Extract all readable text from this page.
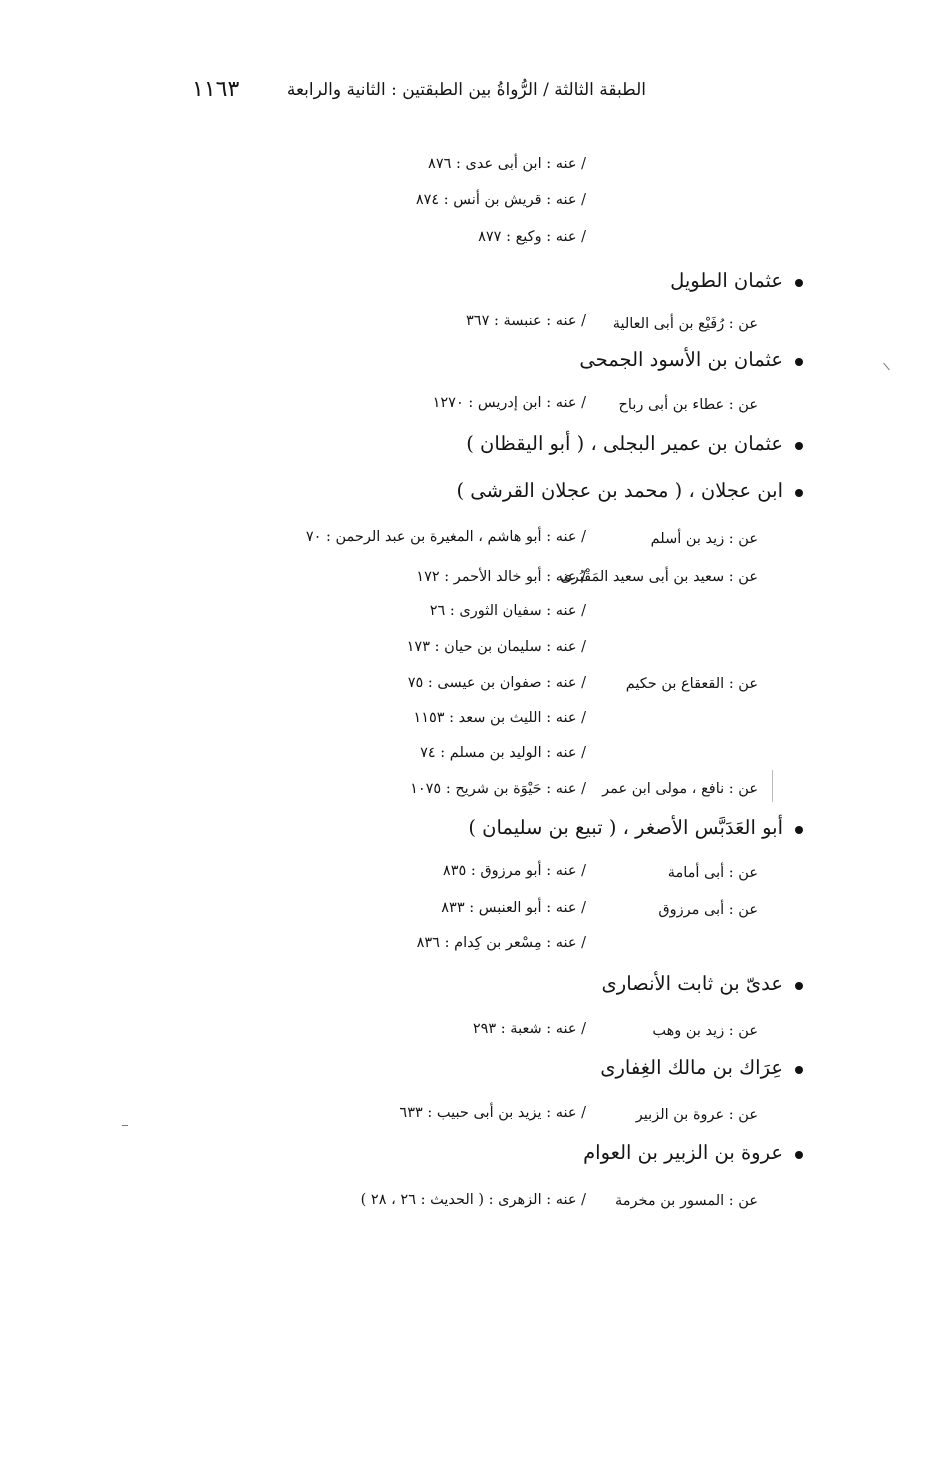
الطبقة الثالثة / الرُّواةُ بين الطبقتين : الثانية والرابعة
١١٦٣
/ عنه : ابن أبى عدى : ٨٧٦
/ عنه : قريش بن أنس : ٨٧٤
/ عنه : وكيع : ٨٧٧
عثمان الطويل
عن : رُفَيْع بن أبى العالية
/ عنه : عنبسة : ٣٦٧
عثمان بن الأسود الجمحى
عن : عطاء بن أبى رباح
/ عنه : ابن إدريس : ١٢٧٠
عثمان بن عمير البجلى ، ( أبو اليقظان )
ابن عجلان ، ( محمد بن عجلان القرشى )
عن : زيد بن أسلم
/ عنه : أبو هاشم ، المغيرة بن عبد الرحمن : ٧٠
عن : سعيد بن أبى سعيد المَقْبُرى
/ عنه : أبو خالد الأحمر : ١٧٢
/ عنه : سفيان الثورى : ٢٦
/ عنه : سليمان بن حيان : ١٧٣
عن : القعقاع بن حكيم
/ عنه : صفوان بن عيسى : ٧٥
/ عنه : الليث بن سعد : ١١٥٣
/ عنه : الوليد بن مسلم : ٧٤
عن : نافع ، مولى ابن عمر
/ عنه : حَيْوَة بن شريح : ١٠٧٥
أبو العَدَبَّس الأصغر ، ( تبيع بن سليمان )
عن : أبى أمامة
/ عنه : أبو مرزوق : ٨٣٥
عن : أبى مرزوق
/ عنه : أبو العنبس : ٨٣٣
/ عنه : مِسْعر بن كِدام : ٨٣٦
عدىّ بن ثابت الأنصارى
عن : زيد بن وهب
/ عنه : شعبة : ٢٩٣
عِرَاك بن مالك الغِفارى
عن : عروة بن الزبير
/ عنه : يزيد بن أبى حبيب : ٦٣٣
عروة بن الزبير بن العوام
عن : المسور بن مخرمة
/ عنه : الزهرى : ( الحديث : ٢٦ ، ٢٨ )
